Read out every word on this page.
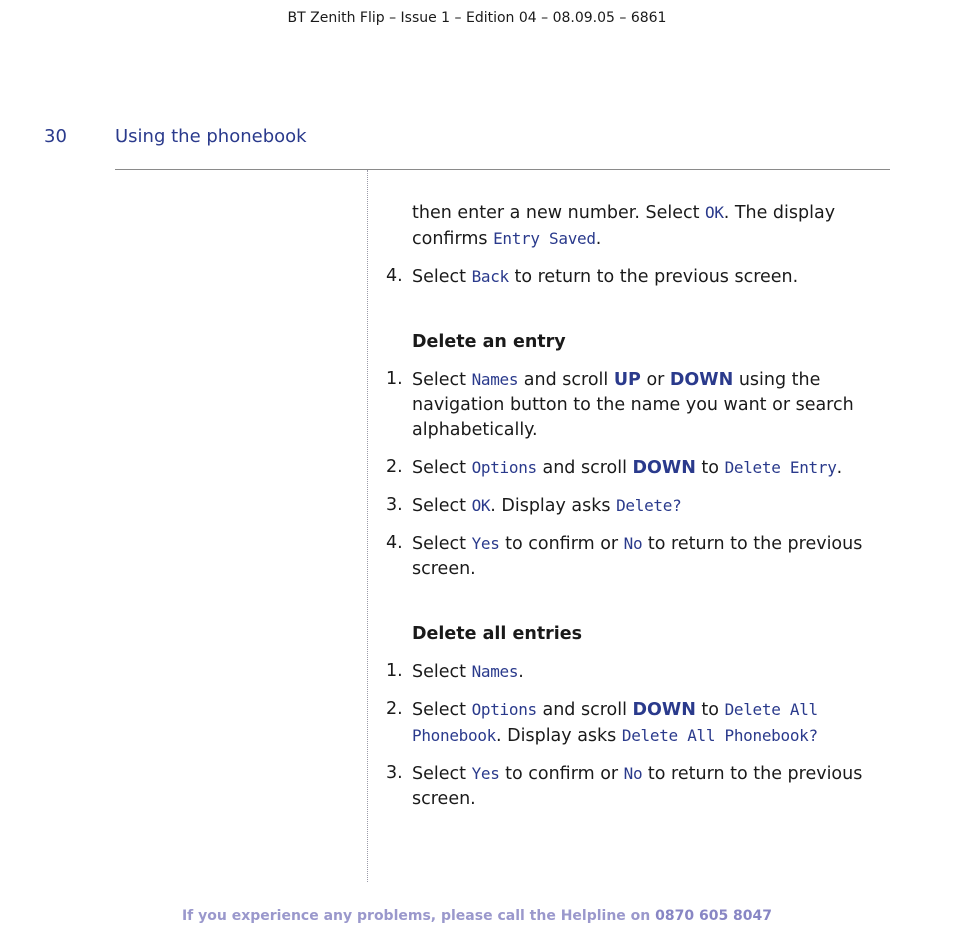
BT Zenith Flip – Issue 1 – Edition 04 – 08.09.05 – 6861
30	Using the phonebook

then enter a new number. Select OK. The display confirms Entry Saved.

4. Select Back to return to the previous screen.

Delete an entry

1. Select Names and scroll UP or DOWN using the navigation button to the name you want or search alphabetically.

2. Select Options and scroll DOWN to Delete Entry.

3. Select OK. Display asks Delete?

4. Select Yes to confirm or No to return to the previous screen.

Delete all entries

1. Select Names.

2. Select Options and scroll DOWN to Delete All Phonebook. Display asks Delete All Phonebook?

3. Select Yes to confirm or No to return to the previous screen.

If you experience any problems, please call the Helpline on 0870 605 8047
